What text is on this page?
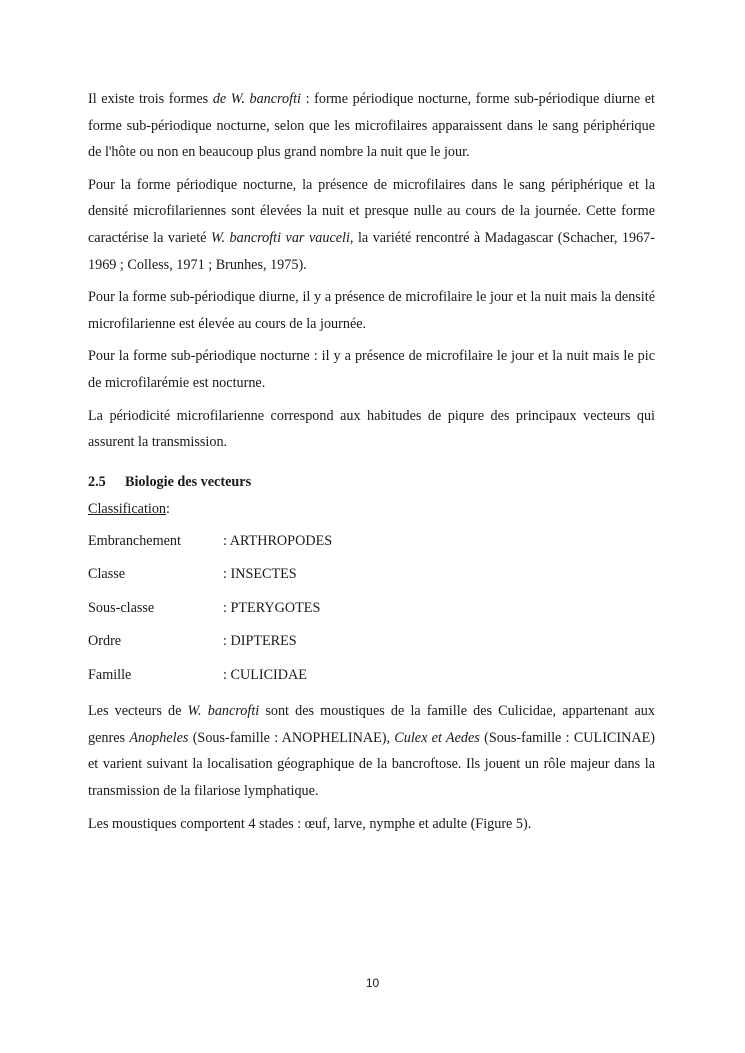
Il existe trois formes de W. bancrofti : forme périodique nocturne, forme sub-périodique diurne et forme sub-périodique nocturne, selon que les microfilaires apparaissent dans le sang périphérique de l'hôte ou non en beaucoup plus grand nombre la nuit que le jour.

Pour la forme périodique nocturne, la présence de microfilaires dans le sang périphérique et la densité microfilariennes sont élevées la nuit et presque nulle au cours de la journée. Cette forme caractérise la varieté W. bancrofti var vauceli, la variété rencontré à Madagascar (Schacher, 1967-1969 ; Colless, 1971 ; Brunhes, 1975).

Pour la forme sub-périodique diurne, il y a présence de microfilaire le jour et la nuit mais la densité microfilarienne est élevée au cours de la journée.

Pour la forme sub-périodique nocturne : il y a présence de microfilaire le jour et la nuit mais le pic de microfilarémie est nocturne.

La périodicité microfilarienne correspond aux habitudes de piqure des principaux vecteurs qui assurent la transmission.

2.5 Biologie des vecteurs
Classification:
Embranchement	: ARTHROPODES
Classe	: INSECTES
Sous-classe	: PTERYGOTES
Ordre	: DIPTERES
Famille	: CULICIDAE

Les vecteurs de W. bancrofti sont des moustiques de la famille des Culicidae, appartenant aux genres Anopheles (Sous-famille : ANOPHELINAE), Culex et Aedes (Sous-famille : CULICINAE) et varient suivant la localisation géographique de la bancroftose. Ils jouent un rôle majeur dans la transmission de la filariose lymphatique.

Les moustiques comportent 4 stades : œuf, larve, nymphe et adulte (Figure 5).

10
